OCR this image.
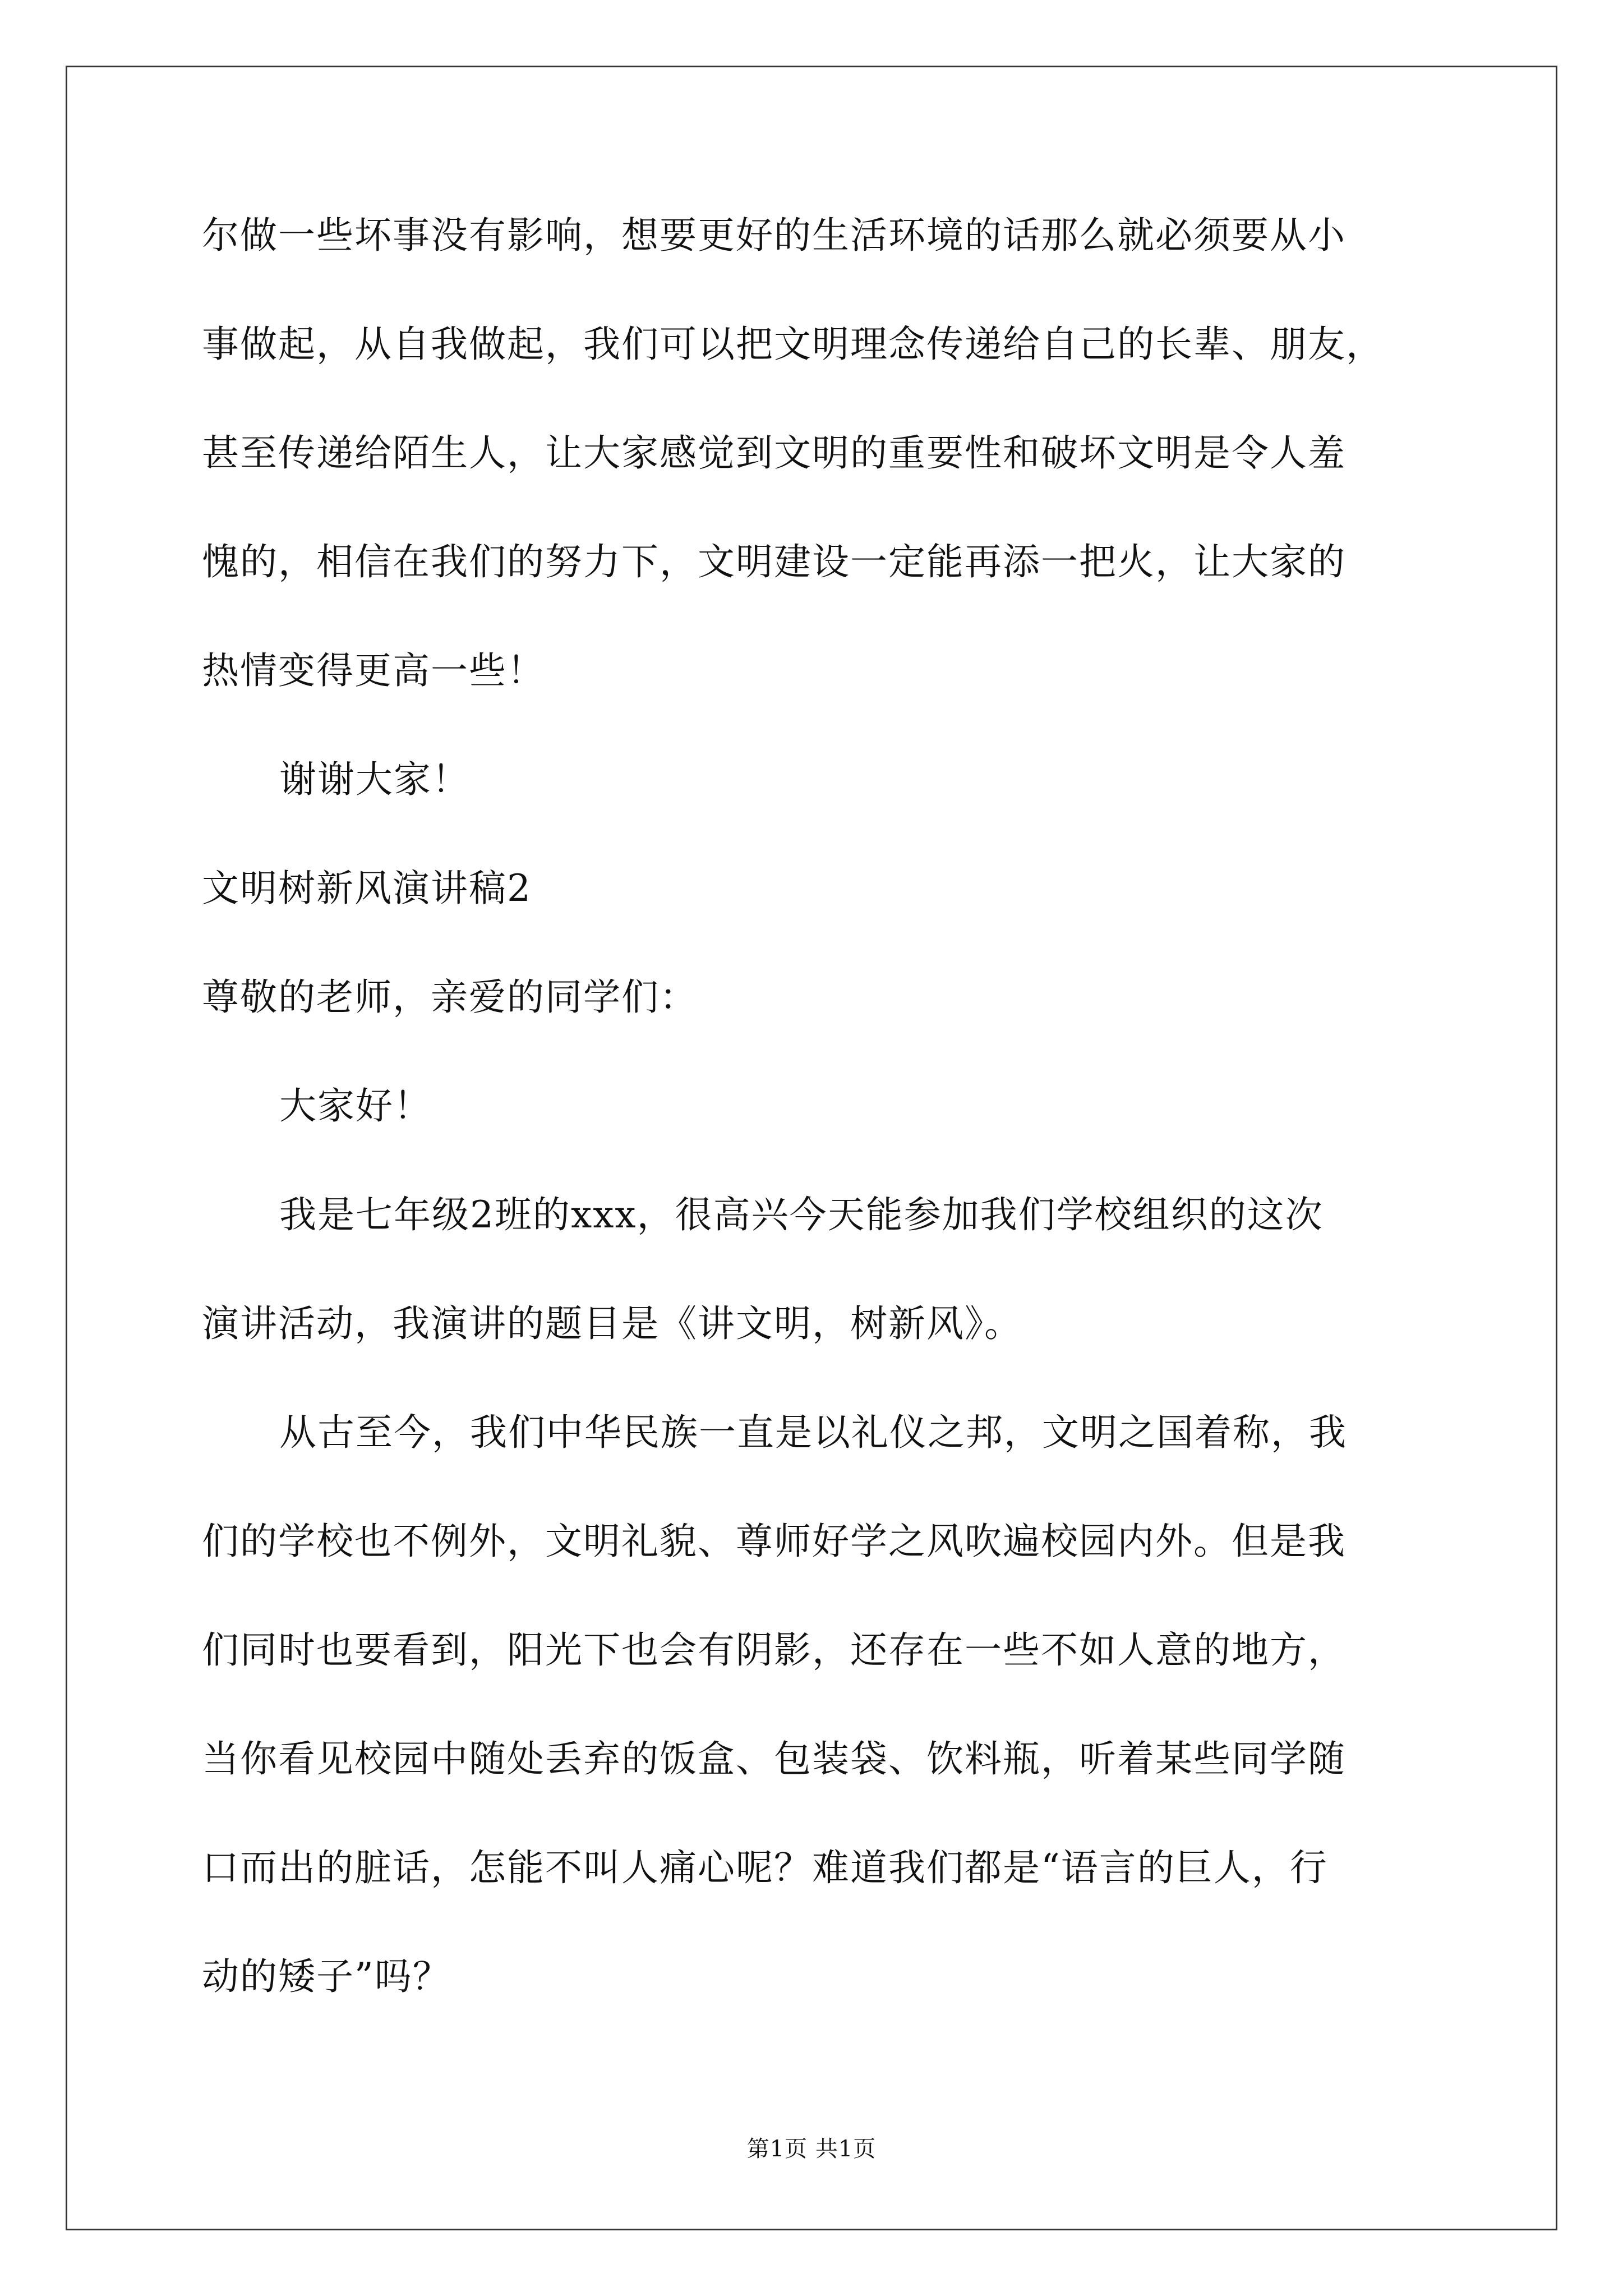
尔做一些坏事没有影响，想要更好的生活环境的话那么就必须要从小
事做起，从自我做起，我们可以把文明理念传递给自己的长辈、朋友，
甚至传递给陌生人，让大家感觉到文明的重要性和破坏文明是令人羞
愧的，相信在我们的努力下，文明建设一定能再添一把火，让大家的
热情变得更高一些！
谢谢大家！
文明树新风演讲稿2
尊敬的老师，亲爱的同学们：
大家好！
我是七年级2班的xxx，很高兴今天能参加我们学校组织的这次
演讲活动，我演讲的题目是《讲文明，树新风》。
从古至今，我们中华民族一直是以礼仪之邦，文明之国着称，我
们的学校也不例外，文明礼貌、尊师好学之风吹遍校园内外。但是我
们同时也要看到，阳光下也会有阴影，还存在一些不如人意的地方，
当你看见校园中随处丢弃的饭盒、包装袋、饮料瓶，听着某些同学随
口而出的脏话，怎能不叫人痛心呢？难道我们都是“语言的巨人，行
动的矮子”吗？
第1页 共1页
